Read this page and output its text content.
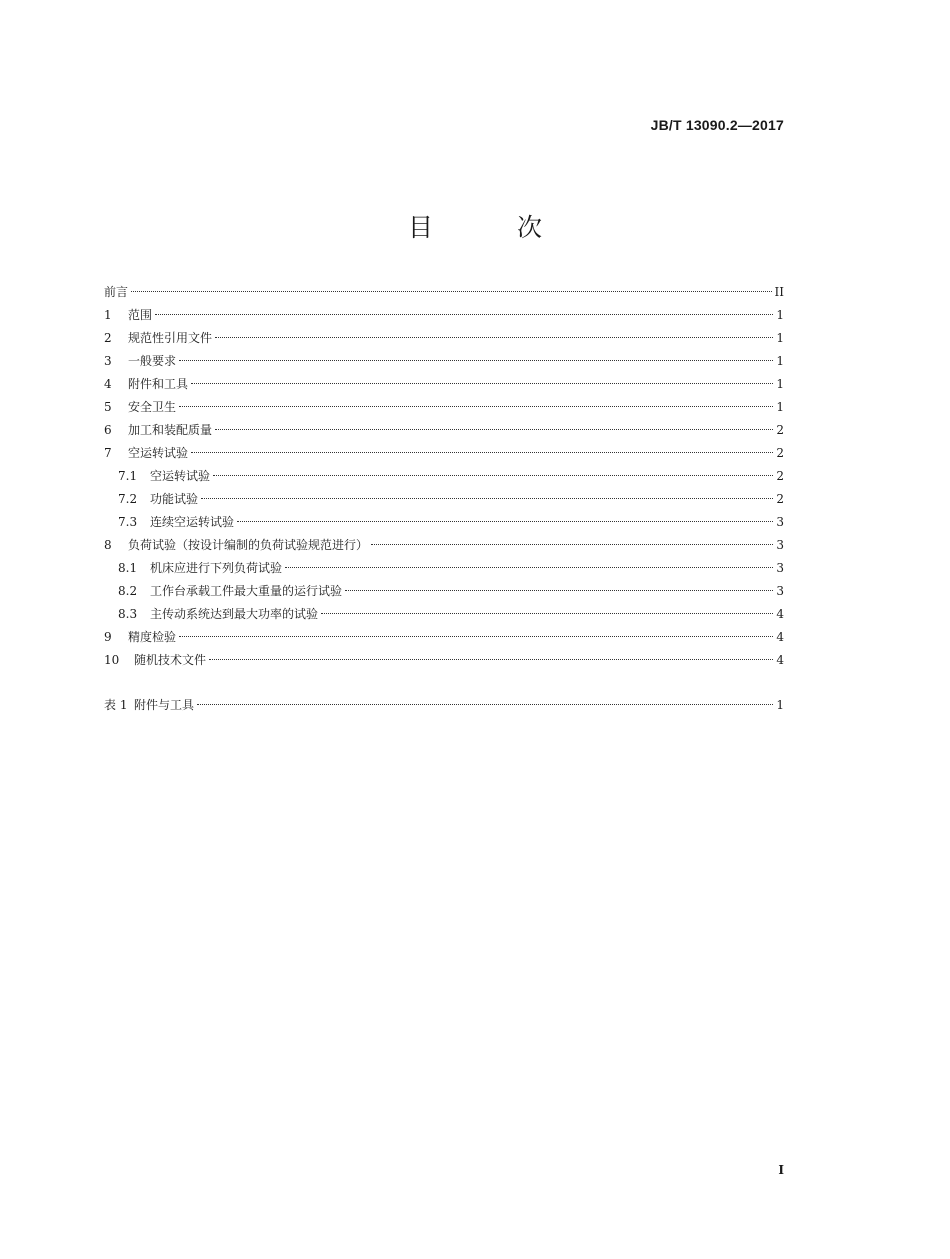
JB/T 13090.2—2017
目 次
前言	II
1	范围	1
2	规范性引用文件	1
3	一般要求	1
4	附件和工具	1
5	安全卫生	1
6	加工和装配质量	2
7	空运转试验	2
7.1	空运转试验	2
7.2	功能试验	2
7.3	连续空运转试验	3
8	负荷试验（按设计编制的负荷试验规范进行）	3
8.1	机床应进行下列负荷试验	3
8.2	工作台承载工件最大重量的运行试验	3
8.3	主传动系统达到最大功率的试验	4
9	精度检验	4
10	随机技术文件	4
表 1 附件与工具	1
I
